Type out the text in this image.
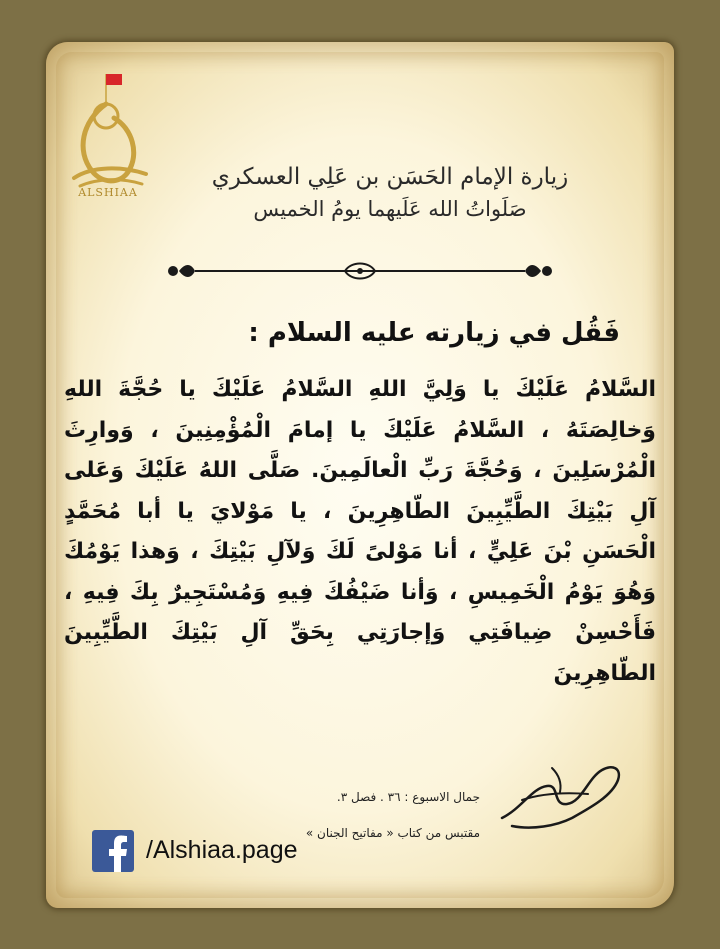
ALSHIAA
زيارة الإمام الحَسَن بن عَلِي العسكري
صَلَواتُ الله عَلَيهما يومُ الخميس
فَقُل في زيارته عليه السلام :
السَّلامُ عَلَيْكَ يا وَلِيَّ اللهِ السَّلامُ عَلَيْكَ يا حُجَّةَ اللهِ وَخالِصَتَهُ ، السَّلامُ عَلَيْكَ يا إمامَ الْمُؤْمِنِينَ ، وَوارِثَ الْمُرْسَلِينَ ، وَحُجَّةَ رَبِّ الْعالَمِينَ. صَلَّى اللهُ عَلَيْكَ وَعَلى آلِ بَيْتِكَ الطَّيِّبِينَ الطّاهِرِينَ ، يا مَوْلايَ يا أبا مُحَمَّدٍ الْحَسَنِ بْنَ عَلِيٍّ ، أنا مَوْلىً لَكَ وَلآلِ بَيْتِكَ ، وَهذا يَوْمُكَ وَهُوَ يَوْمُ الْخَمِيسِ ، وَأنا ضَيْفُكَ فِيهِ وَمُسْتَجِيرٌ بِكَ فِيهِ ، فَأَحْسِنْ ضِيافَتِي وَإجارَتِي بِحَقِّ آلِ بَيْتِكَ الطَّيِّبِينَ الطّاهِرِينَ
جمال الاسبوع : ٣٦ . فصل ٣.
مقتبس من كتاب « مفاتيح الجنان »
/Alshiaa.page
